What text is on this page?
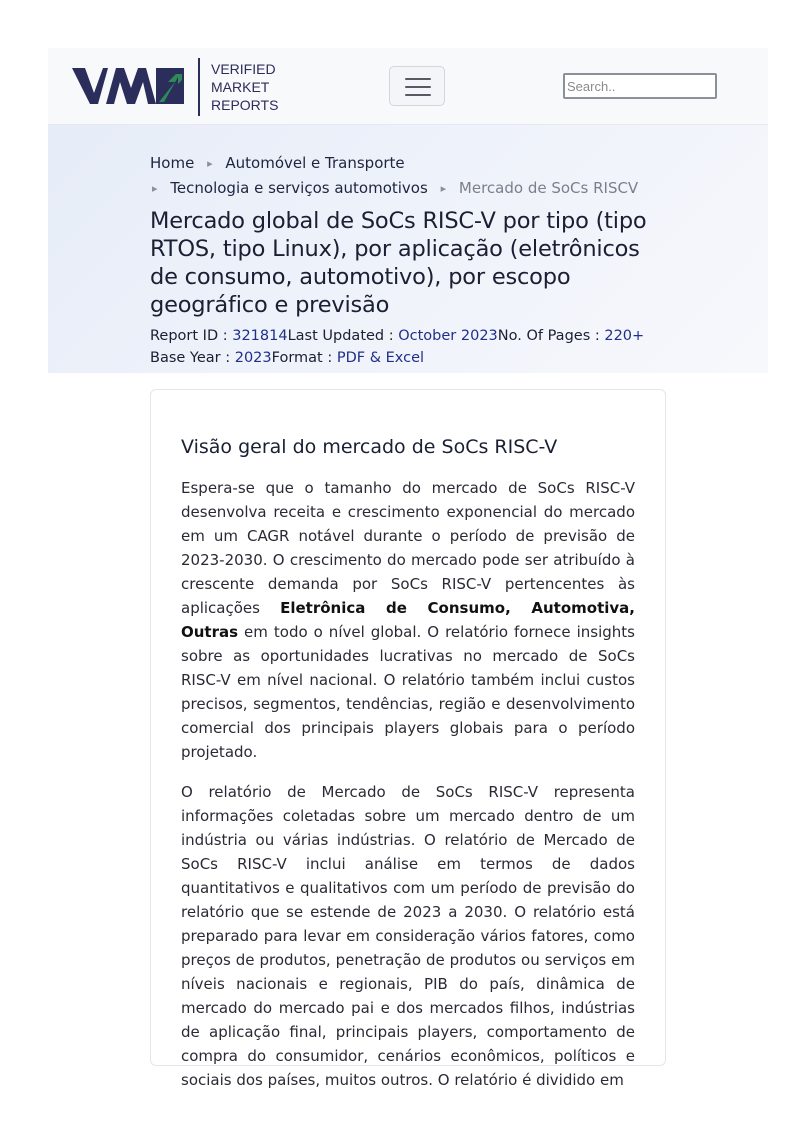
VERIFIED
MARKET
REPORTS
Search..
Home ▸ Automóvel e Transporte
▸ Tecnologia e serviços automotivos ▸ Mercado de SoCs RISCV
Mercado global de SoCs RISC-V por tipo (tipo RTOS, tipo Linux), por aplicação (eletrônicos de consumo, automotivo), por escopo geográfico e previsão
Report ID : 321814Last Updated : October 2023No. Of Pages : 220+
Base Year : 2023Format : PDF & Excel
Visão geral do mercado de SoCs RISC-V

Espera-se que o tamanho do mercado de SoCs RISC-V desenvolva receita e crescimento exponencial do mercado em um CAGR notável durante o período de previsão de 2023-2030. O crescimento do mercado pode ser atribuído à crescente demanda por SoCs RISC-V pertencentes às aplicações Eletrônica de Consumo, Automotiva, Outras em todo o nível global. O relatório fornece insights sobre as oportunidades lucrativas no mercado de SoCs RISC-V em nível nacional. O relatório também inclui custos precisos, segmentos, tendências, região e desenvolvimento comercial dos principais players globais para o período projetado.

O relatório de Mercado de SoCs RISC-V representa informações coletadas sobre um mercado dentro de um indústria ou várias indústrias. O relatório de Mercado de SoCs RISC-V inclui análise em termos de dados quantitativos e qualitativos com um período de previsão do relatório que se estende de 2023 a 2030. O relatório está preparado para levar em consideração vários fatores, como preços de produtos, penetração de produtos ou serviços em níveis nacionais e regionais, PIB do país, dinâmica de mercado do mercado pai e dos mercados filhos, indústrias de aplicação final, principais players, comportamento de compra do consumidor, cenários econômicos, políticos e sociais dos países, muitos outros. O relatório é dividido em
